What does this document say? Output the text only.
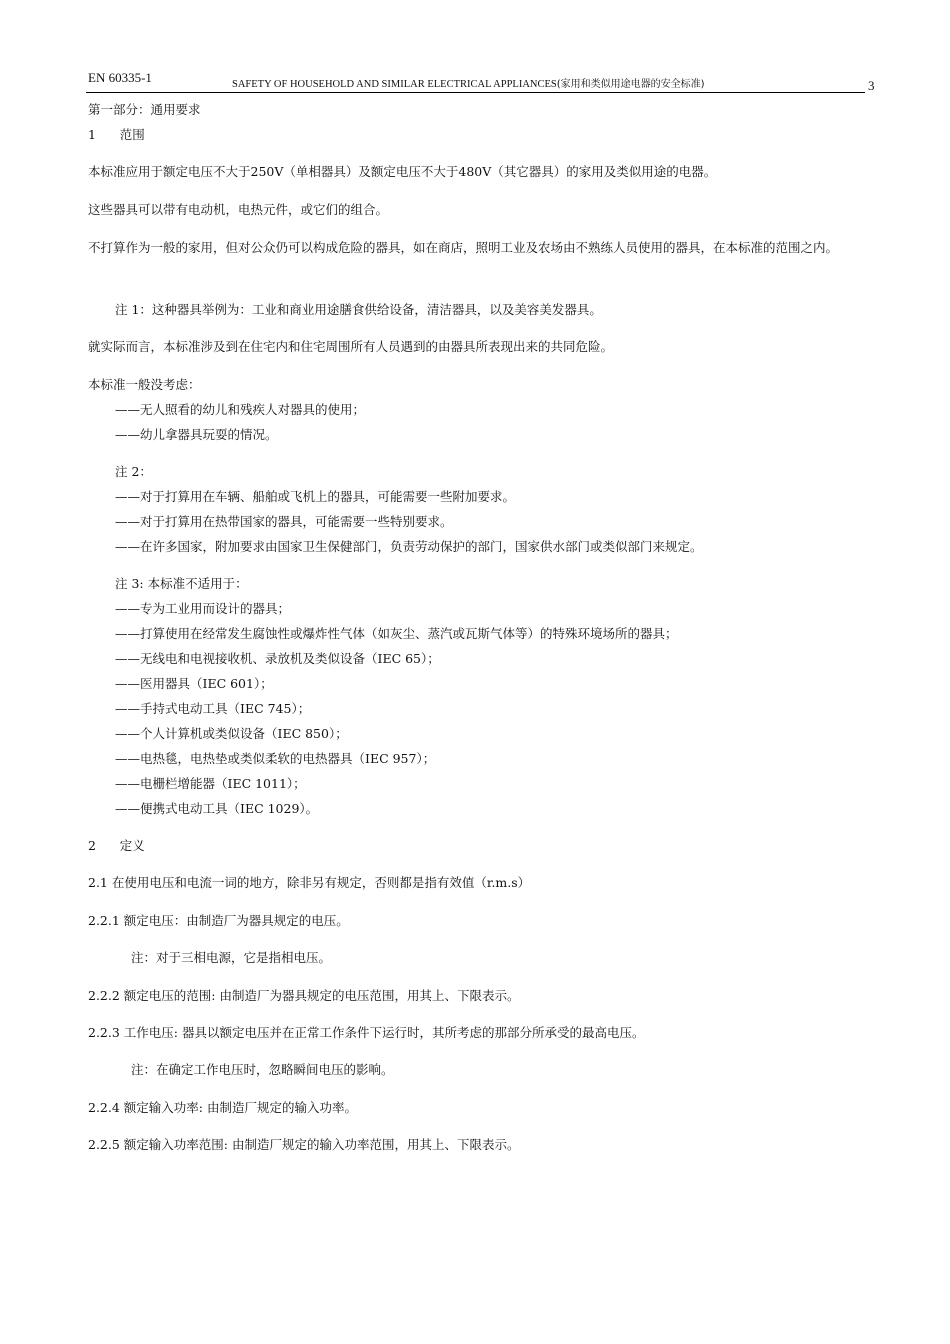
EN 60335-1	SAFETY OF HOUSEHOLD AND SIMILAR ELECTRICAL APPLIANCES(家用和类似用途电器的安全标准)	3
第一部分：通用要求
1      范围
本标准应用于额定电压不大于250V（单相器具）及额定电压不大于480V（其它器具）的家用及类似用途的电器。
这些器具可以带有电动机，电热元件，或它们的组合。
不打算作为一般的家用，但对公众仍可以构成危险的器具，如在商店，照明工业及农场由不熟练人员使用的器具，在本标准的范围之内。
注 1：这种器具举例为：工业和商业用途膳食供给设备，清洁器具，以及美容美发器具。
就实际而言，本标准涉及到在住宅内和住宅周围所有人员遇到的由器具所表现出来的共同危险。
本标准一般没考虑：
——无人照看的幼儿和残疾人对器具的使用；
——幼儿拿器具玩耍的情况。
注 2：
——对于打算用在车辆、船舶或飞机上的器具，可能需要一些附加要求。
——对于打算用在热带国家的器具，可能需要一些特别要求。
——在许多国家，附加要求由国家卫生保健部门，负责劳动保护的部门，国家供水部门或类似部门来规定。
注 3: 本标准不适用于：
——专为工业用而设计的器具；
——打算使用在经常发生腐蚀性或爆炸性气体（如灰尘、蒸汽或瓦斯气体等）的特殊环境场所的器具；
——无线电和电视接收机、录放机及类似设备（IEC 65）；
——医用器具（IEC 601）；
——手持式电动工具（IEC 745）；
——个人计算机或类似设备（IEC 850）；
——电热毯，电热垫或类似柔软的电热器具（IEC 957）；
——电栅栏增能器（IEC 1011）；
——便携式电动工具（IEC 1029）。
2      定义
2.1 在使用电压和电流一词的地方，除非另有规定，否则都是指有效值（r.m.s）
2.2.1 额定电压：由制造厂为器具规定的电压。
注：对于三相电源，它是指相电压。
2.2.2 额定电压的范围: 由制造厂为器具规定的电压范围，用其上、下限表示。
2.2.3 工作电压: 器具以额定电压并在正常工作条件下运行时，其所考虑的那部分所承受的最高电压。
注：在确定工作电压时，忽略瞬间电压的影响。
2.2.4 额定输入功率: 由制造厂规定的输入功率。
2.2.5 额定输入功率范围: 由制造厂规定的输入功率范围，用其上、下限表示。
